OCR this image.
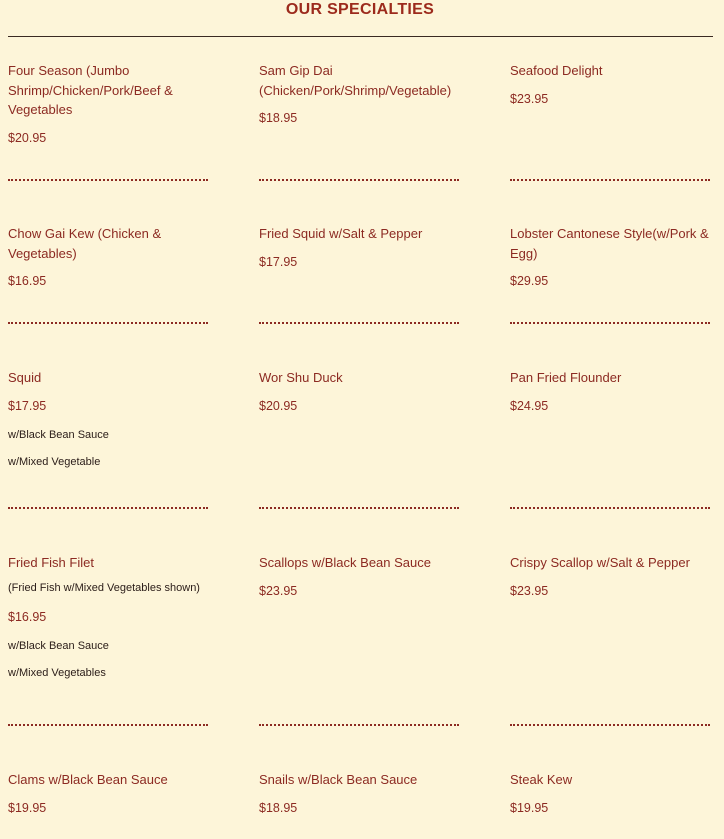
OUR SPECIALTIES
Four Season (Jumbo Shrimp/Chicken/Pork/Beef & Vegetables
$20.95
Sam Gip Dai (Chicken/Pork/Shrimp/Vegetable)
$18.95
Seafood Delight
$23.95
Chow Gai Kew (Chicken & Vegetables)
$16.95
Fried Squid w/Salt & Pepper
$17.95
Lobster Cantonese Style(w/Pork & Egg)
$29.95
Squid
$17.95
w/Black Bean Sauce
w/Mixed Vegetable
Wor Shu Duck
$20.95
Pan Fried Flounder
$24.95
Fried Fish Filet
(Fried Fish w/Mixed Vegetables shown)
$16.95
w/Black Bean Sauce
w/Mixed Vegetables
Scallops w/Black Bean Sauce
$23.95
Crispy Scallop w/Salt & Pepper
$23.95
Clams w/Black Bean Sauce
$19.95
Snails w/Black Bean Sauce
$18.95
Steak Kew
$19.95
